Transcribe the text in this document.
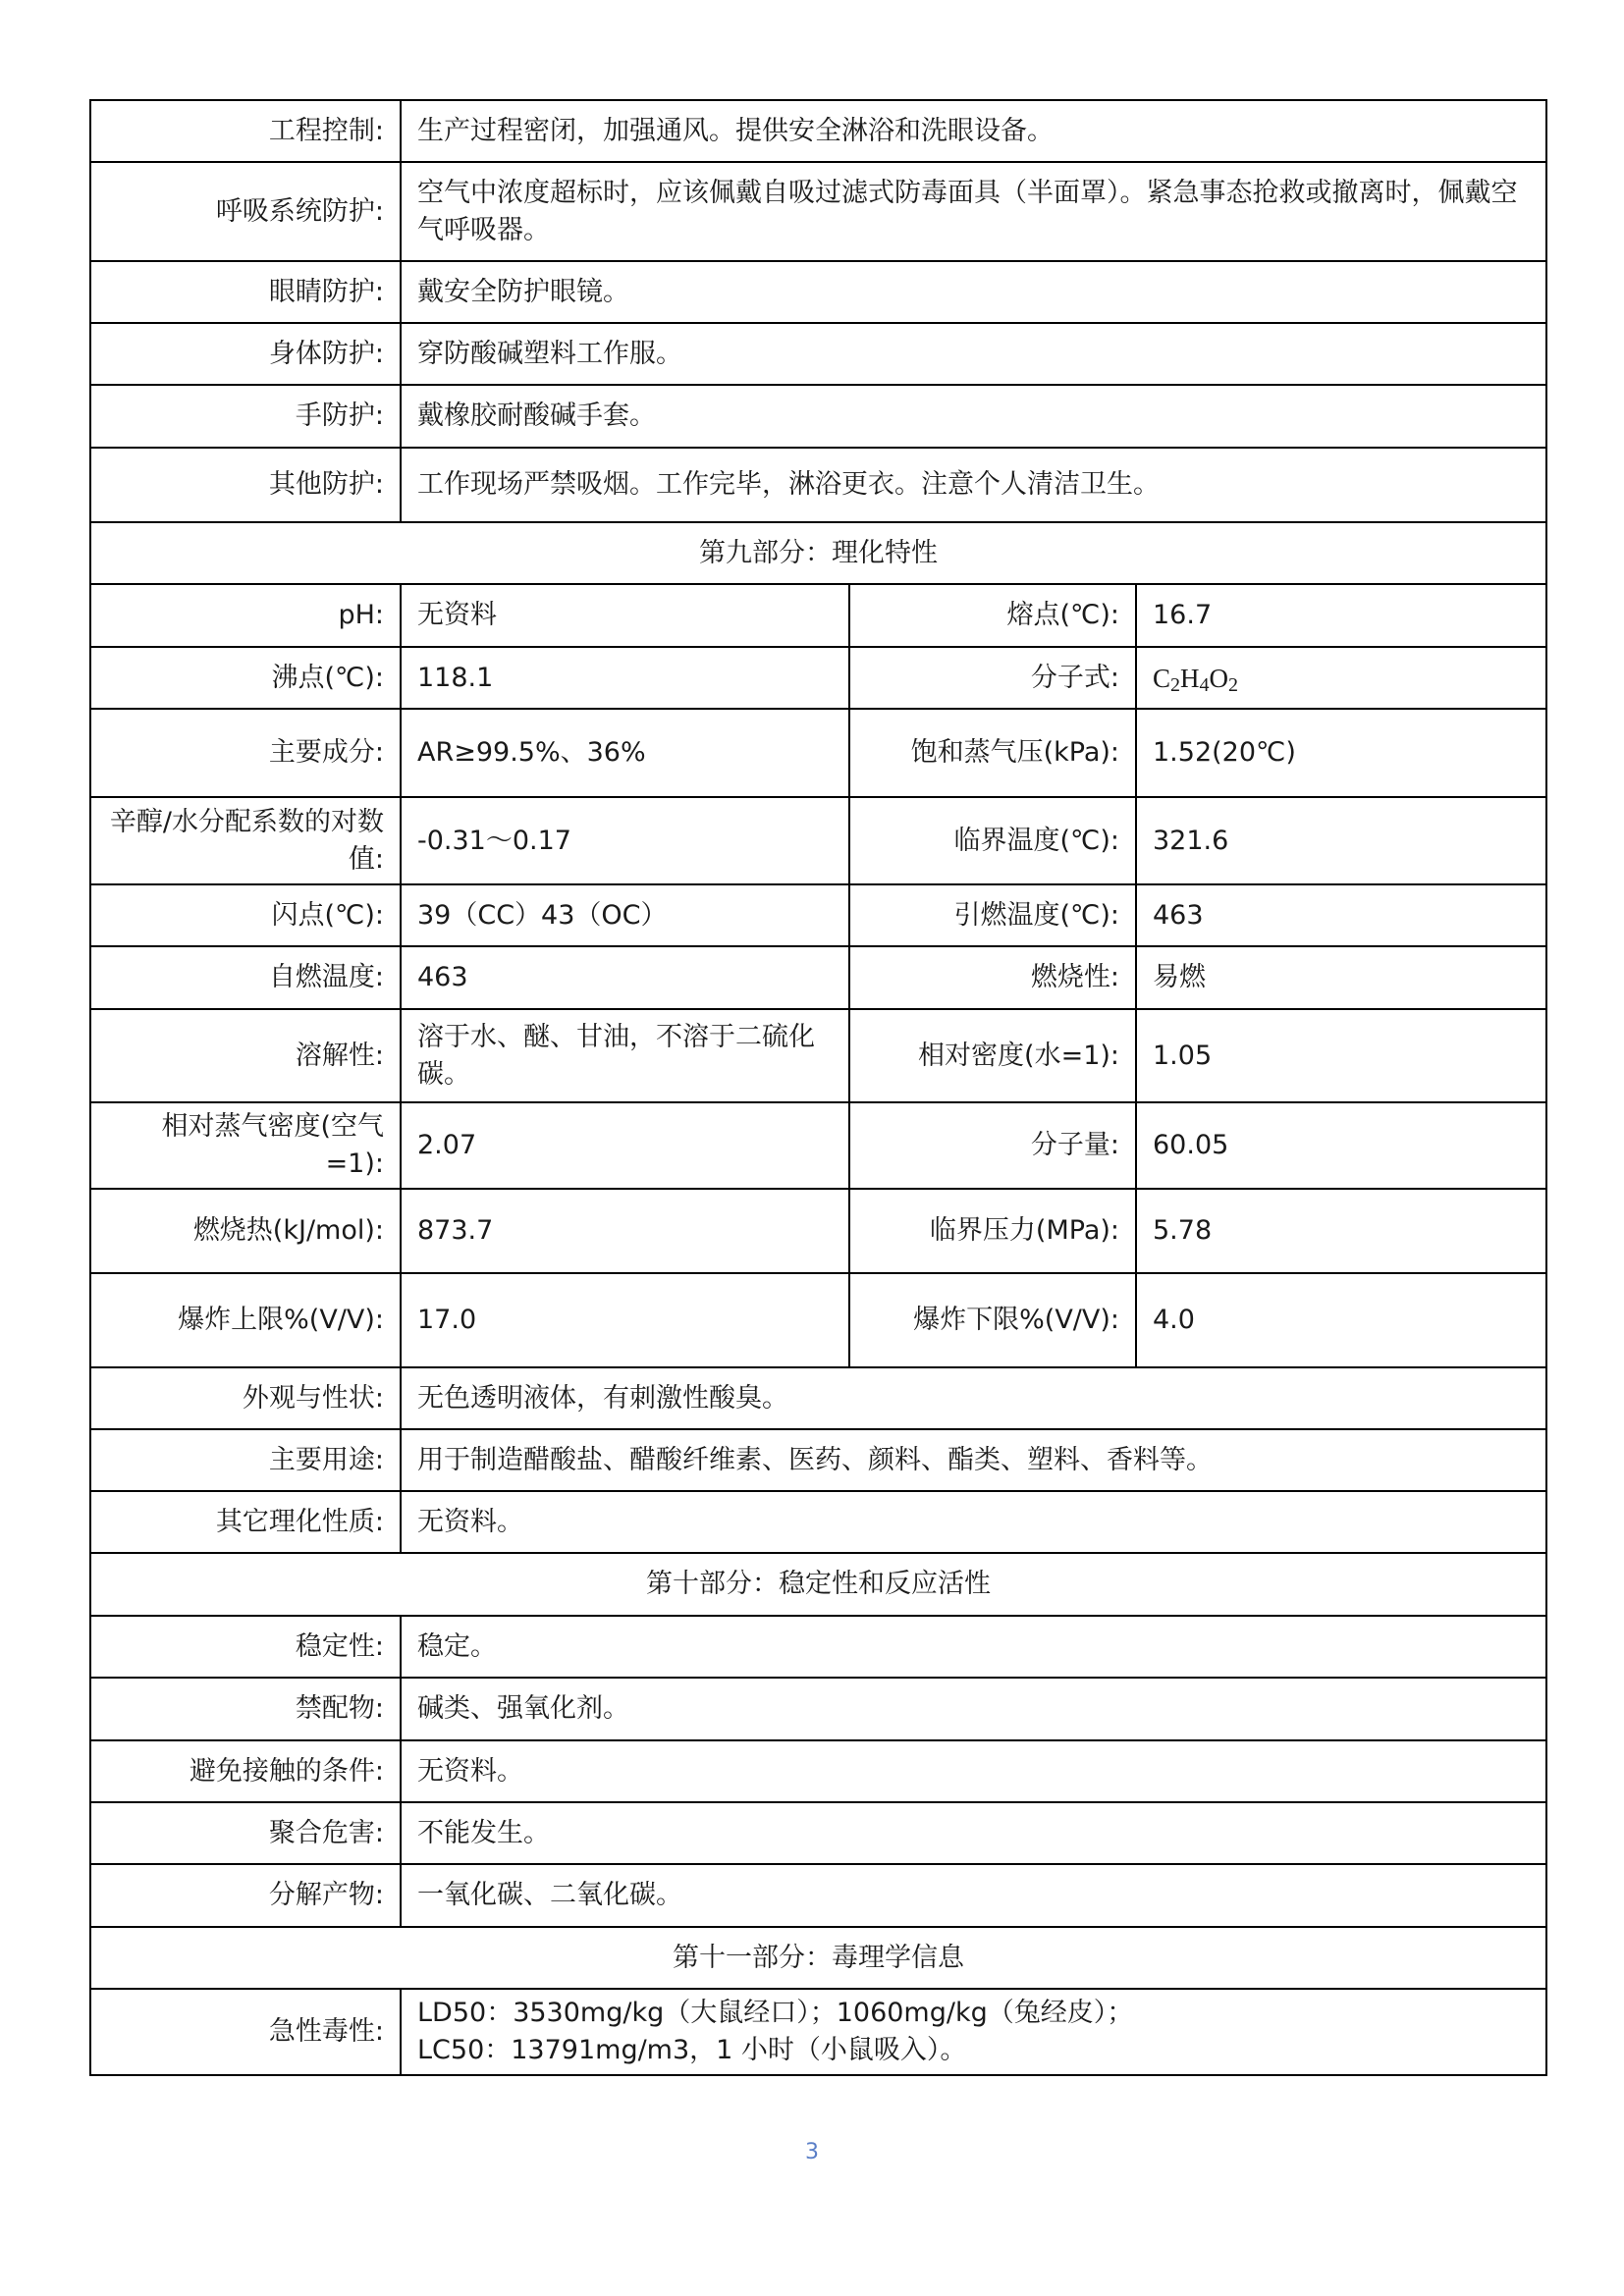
工程控制:	生产过程密闭，加强通风。提供安全淋浴和洗眼设备。		
呼吸系统防护:	空气中浓度超标时，应该佩戴自吸过滤式防毒面具（半面罩）。紧急事态抢救或撤离时，佩戴空气呼吸器。		
眼睛防护:	戴安全防护眼镜。		
身体防护:	穿防酸碱塑料工作服。		
手防护:	戴橡胶耐酸碱手套。		
其他防护:	工作现场严禁吸烟。工作完毕，淋浴更衣。注意个人清洁卫生。		
第九部分：理化特性			
pH:	无资料	熔点(℃):	16.7
沸点(℃):	118.1	分子式:	$C_2H_4O_2$
主要成分:	AR≥99.5%、36%	饱和蒸气压(kPa):	1.52(20℃)
辛醇/水分配系数的对数值:	-0.31～0.17	临界温度(℃):	321.6
闪点(℃):	39（CC）43（OC）	引燃温度(℃):	463
自燃温度:	463	燃烧性:	易燃
溶解性:	溶于水、醚、甘油，不溶于二硫化碳。	相对密度(水=1):	1.05
相对蒸气密度(空气=1):	2.07	分子量:	60.05
燃烧热(kJ/mol):	873.7	临界压力(MPa):	5.78
爆炸上限%(V/V):	17.0	爆炸下限%(V/V):	4.0
外观与性状:	无色透明液体，有刺激性酸臭。		
主要用途:	用于制造醋酸盐、醋酸纤维素、医药、颜料、酯类、塑料、香料等。		
其它理化性质:	无资料。		
第十部分：稳定性和反应活性			
稳定性:	稳定。		
禁配物:	碱类、强氧化剂。		
避免接触的条件:	无资料。		
聚合危害:	不能发生。		
分解产物:	一氧化碳、二氧化碳。		
第十一部分：毒理学信息			
急性毒性:	LD50：3530mg/kg（大鼠经口）；1060mg/kg（兔经皮）；
LC50：13791mg/m3，1 小时（小鼠吸入）。		
3
